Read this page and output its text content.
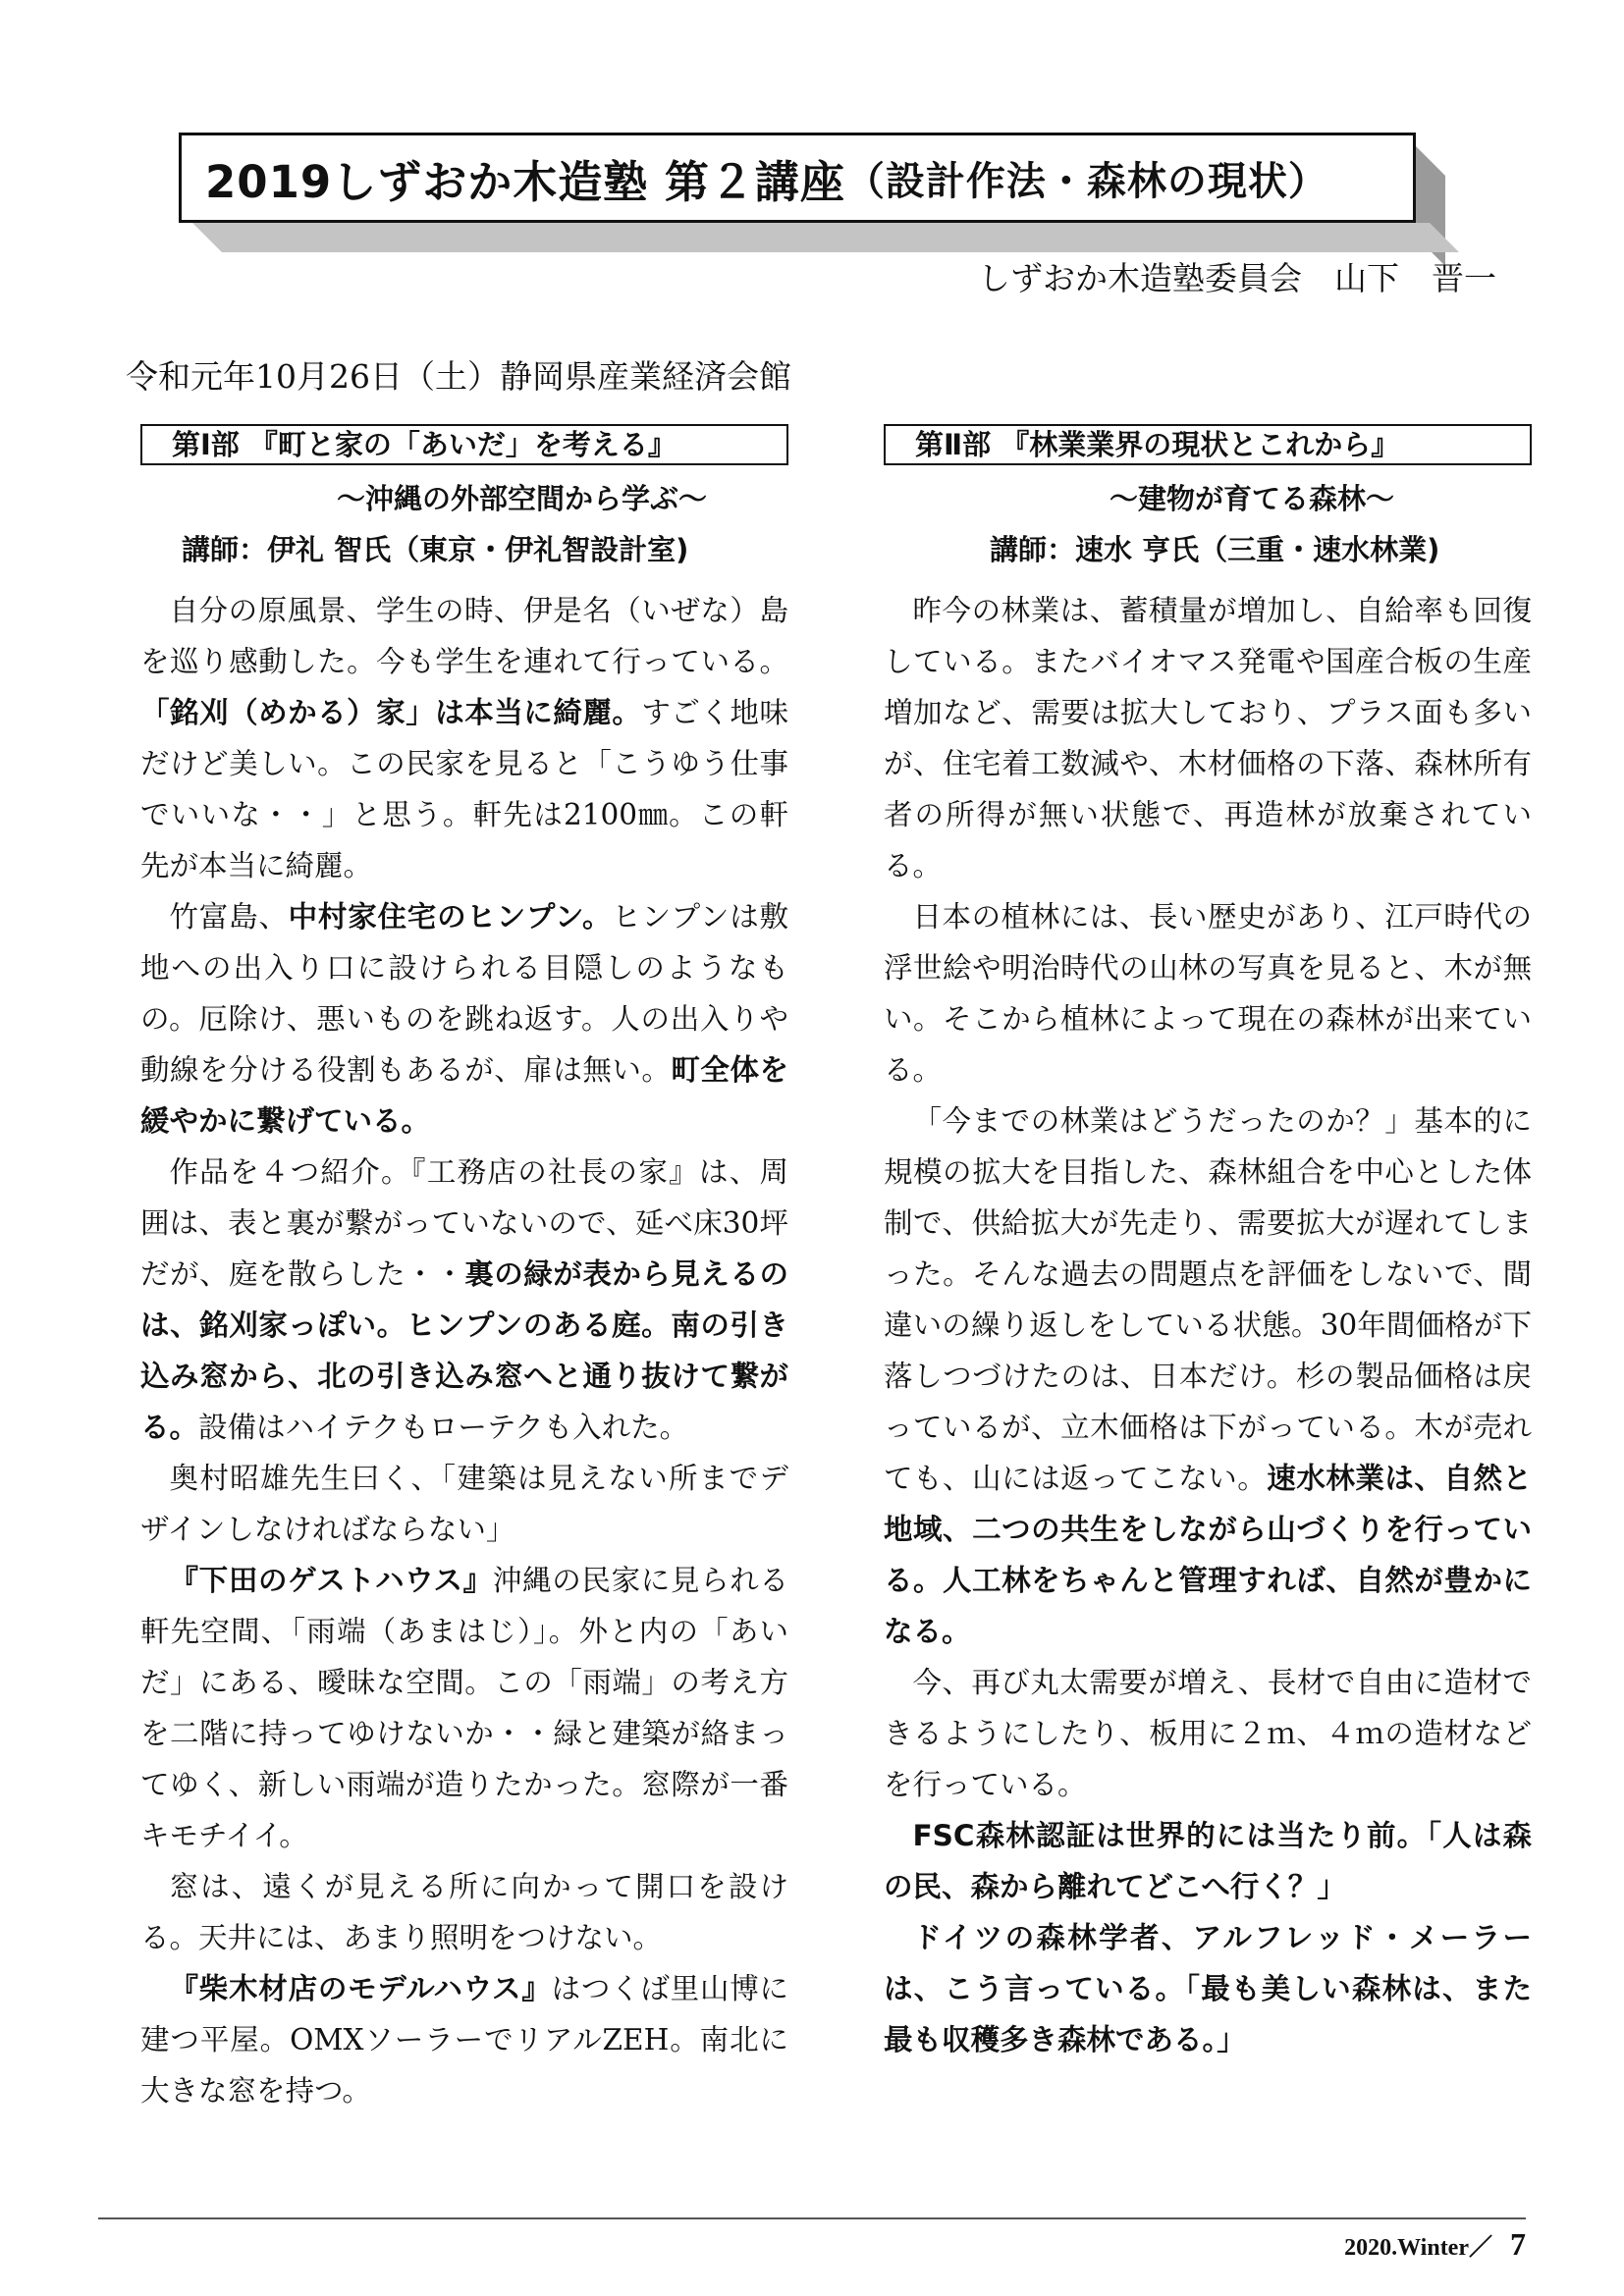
2019しずおか木造塾 第２講座 （設計作法・森林の現状）
しずおか木造塾委員会　山下　晋一
令和元年10月26日（土）静岡県産業経済会館
第Ⅰ部 『町と家の「あいだ」を考える』
～沖縄の外部空間から学ぶ～
講師：伊礼 智氏（東京・伊礼智設計室)

自分の原風景、学生の時、伊是名（いぜな）島を巡り感動した。今も学生を連れて行っている。「銘刈（めかる）家」は本当に綺麗。すごく地味だけど美しい。この民家を見ると「こうゆう仕事でいいな・・」と思う。軒先は2100㎜。この軒先が本当に綺麗。

竹富島、中村家住宅のヒンプン。ヒンプンは敷地への出入り口に設けられる目隠しのようなもの。厄除け、悪いものを跳ね返す。人の出入りや動線を分ける役割もあるが、扉は無い。町全体を緩やかに繋げている。

作品を４つ紹介。『工務店の社長の家』は、周囲は、表と裏が繋がっていないので、延べ床30坪だが、庭を散らした・・裏の緑が表から見えるのは、銘刈家っぽい。ヒンプンのある庭。南の引き込み窓から、北の引き込み窓へと通り抜けて繋がる。設備はハイテクもローテクも入れた。

奥村昭雄先生曰く、「建築は見えない所までデザインしなければならない」

『下田のゲストハウス』沖縄の民家に見られる軒先空間、「雨端（あまはじ）」。外と内の「あいだ」にある、曖昧な空間。この「雨端」の考え方を二階に持ってゆけないか・・緑と建築が絡まってゆく、新しい雨端が造りたかった。窓際が一番キモチイイ。

窓は、遠くが見える所に向かって開口を設ける。天井には、あまり照明をつけない。

『柴木材店のモデルハウス』はつくば里山博に建つ平屋。OMXソーラーでリアルZEH。南北に大きな窓を持つ。

第Ⅱ部 『林業業界の現状とこれから』
～建物が育てる森林～
講師：速水 亨氏（三重・速水林業)

昨今の林業は、蓄積量が増加し、自給率も回復している。またバイオマス発電や国産合板の生産増加など、需要は拡大しており、プラス面も多いが、住宅着工数減や、木材価格の下落、森林所有者の所得が無い状態で、再造林が放棄されている。

日本の植林には、長い歴史があり、江戸時代の浮世絵や明治時代の山林の写真を見ると、木が無い。そこから植林によって現在の森林が出来ている。

「今までの林業はどうだったのか？」基本的に規模の拡大を目指した、森林組合を中心とした体制で、供給拡大が先走り、需要拡大が遅れてしまった。そんな過去の問題点を評価をしないで、間違いの繰り返しをしている状態。30年間価格が下落しつづけたのは、日本だけ。杉の製品価格は戻っているが、立木価格は下がっている。木が売れても、山には返ってこない。速水林業は、自然と地域、二つの共生をしながら山づくりを行っている。人工林をちゃんと管理すれば、自然が豊かになる。

今、再び丸太需要が増え、長材で自由に造材できるようにしたり、板用に２ｍ、４ｍの造材などを行っている。

FSC森林認証は世界的には当たり前。「人は森の民、森から離れてどこへ行く？」

ドイツの森林学者、アルフレッド・メーラーは、こう言っている。「最も美しい森林は、また最も収穫多き森林である。」

2020.Winter／ 7
